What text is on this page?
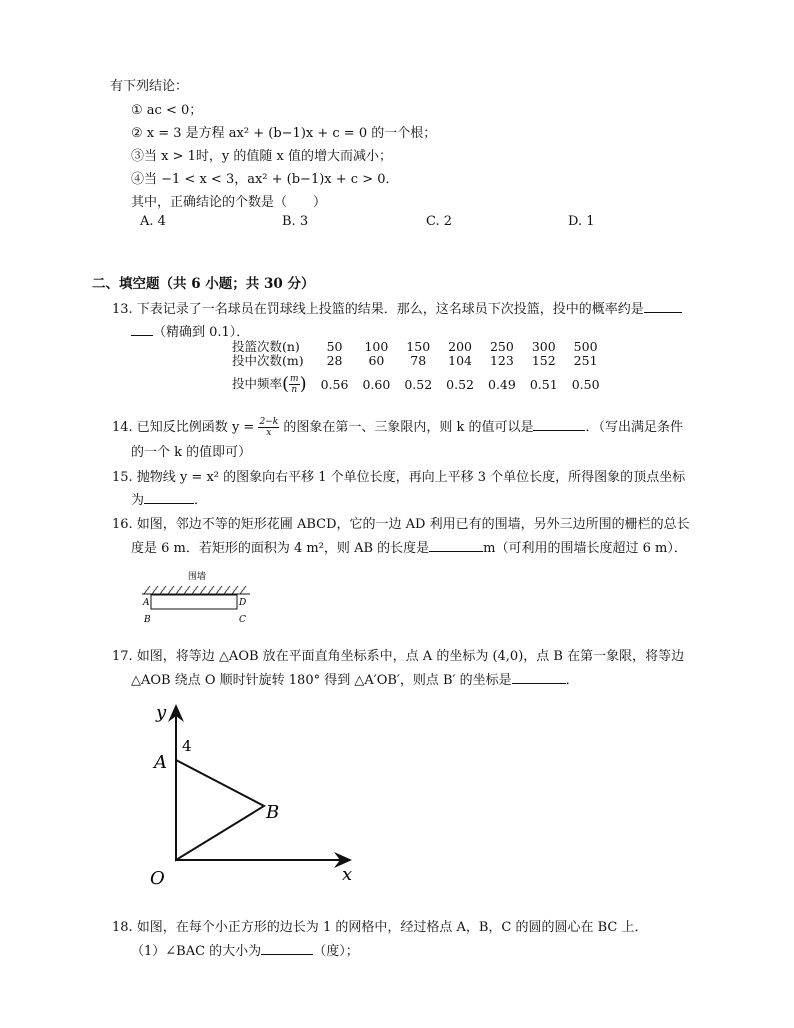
有下列结论：
① ac < 0；
② x = 3 是方程 ax² + (b−1)x + c = 0 的一个根；
③当 x > 1时，y 的值随 x 值的增大而减小；
④当 −1 < x < 3，ax² + (b−1)x + c > 0．
其中，正确结论的个数是（　　）
A. 4	B. 3	C. 2	D. 1
二、填空题（共 6 小题；共 30 分）
13. 下表记录了一名球员在罚球线上投篮的结果．那么，这名球员下次投篮，投中的概率约是
（精确到 0.1）．
投篮次数(n)	50	100	150	200	250	300	500
投中次数(m)	28	60	78	104	123	152	251
投中频率( $\frac{m}{n}$ )	0.56	0.60	0.52	0.52	0.49	0.51	0.50
14. 已知反比例函数 $y = \frac{2-k}{x}$ 的图象在第一、三象限内，则 k 的值可以是	．（写出满足条件
的一个 k 的值即可）
15. 抛物线 y = x² 的图象向右平移 1 个单位长度，再向上平移 3 个单位长度，所得图象的顶点坐标
为	．
16. 如图，邻边不等的矩形花圃 ABCD，它的一边 AD 利用已有的围墙，另外三边所围的栅栏的总长
度是 6 m．若矩形的面积为 4 m²，则 AB 的长度是	m（可利用的围墙长度超过 6 m）．
围墙
A
B
D
C
17. 如图，将等边 △AOB 放在平面直角坐标系中，点 A 的坐标为 (4,0)，点 B 在第一象限，将等边
△AOB 绕点 O 顺时针旋转 180° 得到 △A′OB′，则点 B′ 的坐标是	．
y
x
O
A
4
B
18. 如图，在每个小正方形的边长为 1 的网格中，经过格点 A，B，C 的圆的圆心在 BC 上．
（1）∠BAC 的大小为	（度）；
